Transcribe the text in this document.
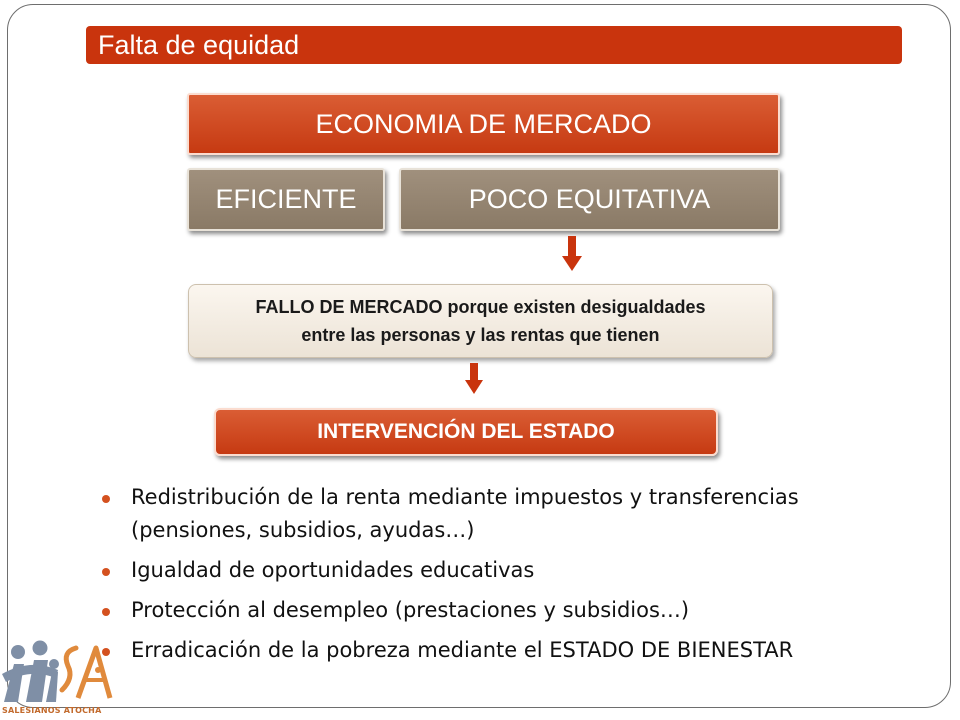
Falta de equidad
ECONOMIA DE MERCADO
EFICIENTE	POCO EQUITATIVA
FALLO DE MERCADO porque existen desigualdades
entre las personas y las rentas que tienen
INTERVENCIÓN DEL ESTADO
Redistribución de la renta mediante impuestos y transferencias
(pensiones, subsidios, ayudas…)
Igualdad de oportunidades educativas
Protección al desempleo (prestaciones y subsidios…)
Erradicación de la pobreza mediante el ESTADO DE BIENESTAR
SALESIANOS ATOCHA
